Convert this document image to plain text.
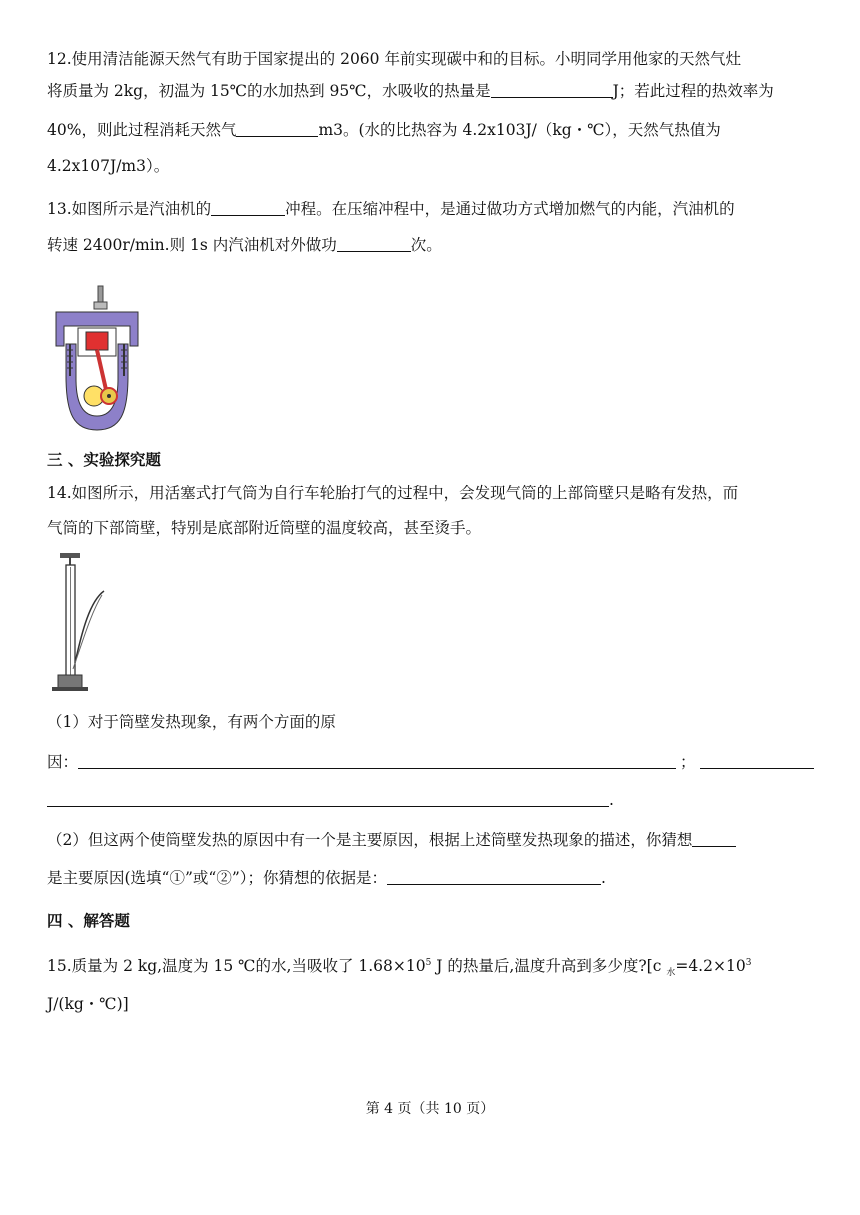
12.使用清洁能源天然气有助于国家提出的 2060 年前实现碳中和的目标。小明同学用他家的天然气灶
将质量为 2kg，初温为 15℃的水加热到 95℃，水吸收的热量是	J；若此过程的热效率为
40%，则此过程消耗天然气	m3。(水的比热容为 4.2x103J/（kg・℃），天然气热值为
4.2x107J/m3）。
13.如图所示是汽油机的	冲程。在压缩冲程中，是通过做功方式增加燃气的内能，汽油机的
转速 2400r/min.则 1s 内汽油机对外做功	次。
三 、实验探究题
14.如图所示，用活塞式打气筒为自行车轮胎打气的过程中，会发现气筒的上部筒壁只是略有发热，而
气筒的下部筒壁，特别是底部附近筒壁的温度较高，甚至烫手。
（1）对于筒壁发热现象，有两个方面的原
因：	；
.
（2）但这两个使筒壁发热的原因中有一个是主要原因，根据上述筒壁发热现象的描述，你猜想
是主要原因(选填“①”或“②”）；你猜想的依据是：	.
四 、解答题
15.质量为 2 kg,温度为 15 ℃的水,当吸收了 $1.68\times 10^5$ J 的热量后,温度升高到多少度?[c $_水=4.2\times 10^3$
J/(kg・℃)]
第 4 页（共 10 页）
